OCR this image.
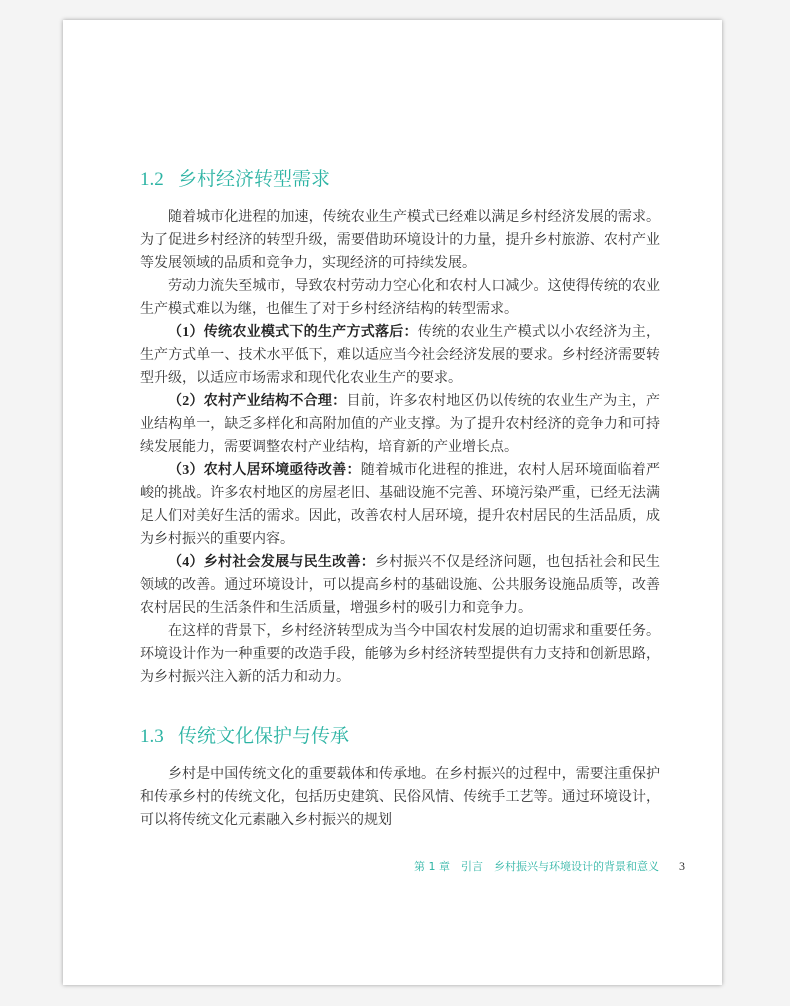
1.2 乡村经济转型需求

随着城市化进程的加速，传统农业生产模式已经难以满足乡村经济发展的需求。为了促进乡村经济的转型升级，需要借助环境设计的力量，提升乡村旅游、农村产业等发展领域的品质和竞争力，实现经济的可持续发展。

劳动力流失至城市，导致农村劳动力空心化和农村人口减少。这使得传统的农业生产模式难以为继，也催生了对于乡村经济结构的转型需求。

（1）传统农业模式下的生产方式落后：传统的农业生产模式以小农经济为主，生产方式单一、技术水平低下，难以适应当今社会经济发展的要求。乡村经济需要转型升级，以适应市场需求和现代化农业生产的要求。

（2）农村产业结构不合理：目前，许多农村地区仍以传统的农业生产为主，产业结构单一，缺乏多样化和高附加值的产业支撑。为了提升农村经济的竞争力和可持续发展能力，需要调整农村产业结构，培育新的产业增长点。

（3）农村人居环境亟待改善：随着城市化进程的推进，农村人居环境面临着严峻的挑战。许多农村地区的房屋老旧、基础设施不完善、环境污染严重，已经无法满足人们对美好生活的需求。因此，改善农村人居环境，提升农村居民的生活品质，成为乡村振兴的重要内容。

（4）乡村社会发展与民生改善：乡村振兴不仅是经济问题，也包括社会和民生领域的改善。通过环境设计，可以提高乡村的基础设施、公共服务设施品质等，改善农村居民的生活条件和生活质量，增强乡村的吸引力和竞争力。

在这样的背景下，乡村经济转型成为当今中国农村发展的迫切需求和重要任务。环境设计作为一种重要的改造手段，能够为乡村经济转型提供有力支持和创新思路，为乡村振兴注入新的活力和动力。

1.3 传统文化保护与传承

乡村是中国传统文化的重要载体和传承地。在乡村振兴的过程中，需要注重保护和传承乡村的传统文化，包括历史建筑、民俗风情、传统手工艺等。通过环境设计，可以将传统文化元素融入乡村振兴的规划

第 1 章　引言　乡村振兴与环境设计的背景和意义 3
